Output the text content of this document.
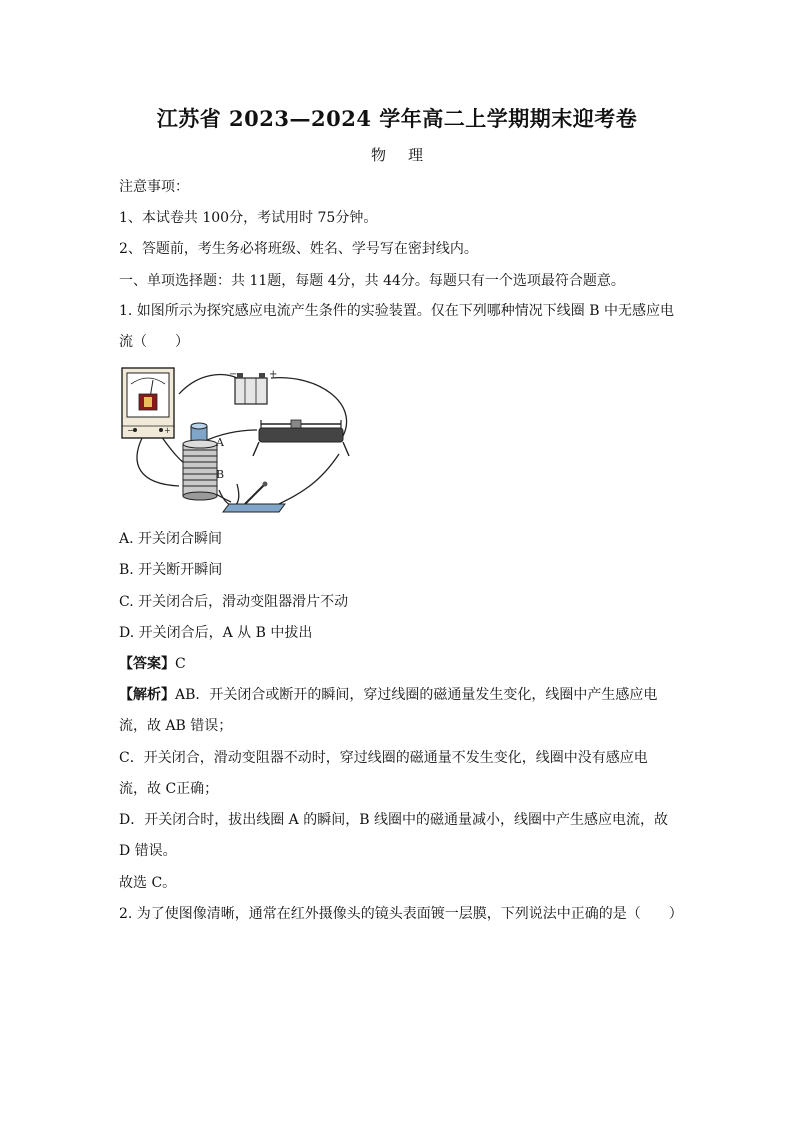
江苏省 2023—2024 学年高二上学期期末迎考卷
物理
注意事项：
1、本试卷共 100分，考试用时 75分钟。
2、答题前，考生务必将班级、姓名、学号写在密封线内。
一、单项选择题：共 11题，每题 4分，共 44分。每题只有一个选项最符合题意。
1. 如图所示为探究感应电流产生条件的实验装置。仅在下列哪种情况下线圈 B 中无感应电
流（　　）
−	+
−	+
A
B
A. 开关闭合瞬间
B. 开关断开瞬间
C. 开关闭合后，滑动变阻器滑片不动
D. 开关闭合后，A 从 B 中拔出
【答案】C
【解析】AB．开关闭合或断开的瞬间，穿过线圈的磁通量发生变化，线圈中产生感应电
流，故 AB 错误；
C．开关闭合，滑动变阻器不动时，穿过线圈的磁通量不发生变化，线圈中没有感应电
流，故 C正确；
D．开关闭合时，拔出线圈 A 的瞬间，B 线圈中的磁通量减小，线圈中产生感应电流，故
D 错误。
故选 C。
2. 为了使图像清晰，通常在红外摄像头的镜头表面镀一层膜，下列说法中正确的是（　　）
